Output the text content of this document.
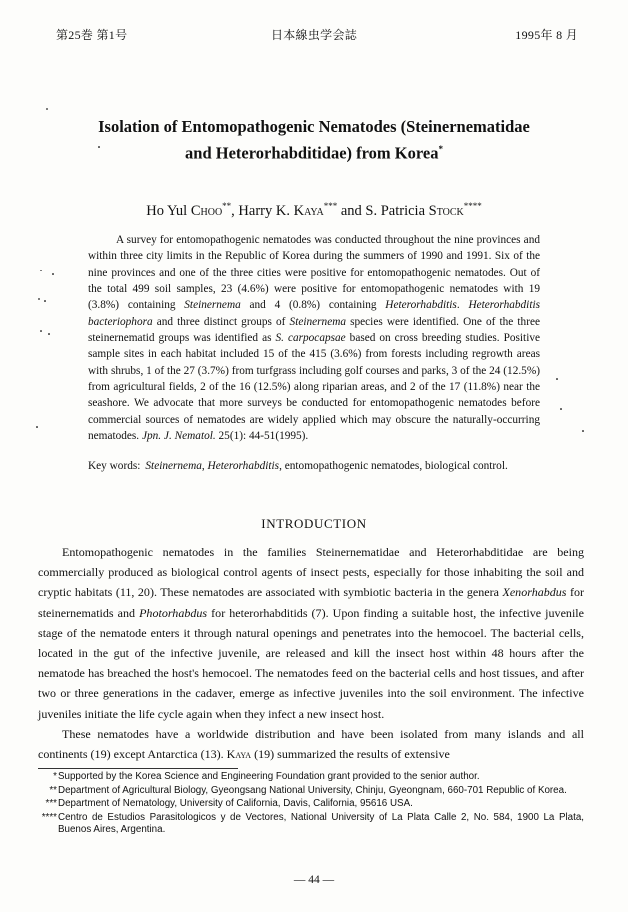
第25巻 第1号	日本線虫学会誌	1995年 8 月
Isolation of Entomopathogenic Nematodes (Steinernematidae
and Heterorhabditidae) from Korea*
Ho Yul Choo**, Harry K. Kaya*** and S. Patricia Stock****

A survey for entomopathogenic nematodes was conducted throughout the nine provinces and within three city limits in the Republic of Korea during the summers of 1990 and 1991. Six of the nine provinces and one of the three cities were positive for entomopathogenic nematodes. Out of the total 499 soil samples, 23 (4.6%) were positive for entomopathogenic nematodes with 19 (3.8%) containing Steinernema and 4 (0.8%) containing Heterorhabditis. Heterorhabditis bacteriophora and three distinct groups of Steinernema species were identified. One of the three steinernematid groups was identified as S. carpocapsae based on cross breeding studies. Positive sample sites in each habitat included 15 of the 415 (3.6%) from forests including regrowth areas with shrubs, 1 of the 27 (3.7%) from turfgrass including golf courses and parks, 3 of the 24 (12.5%) from agricultural fields, 2 of the 16 (12.5%) along riparian areas, and 2 of the 17 (11.8%) near the seashore. We advocate that more surveys be conducted for entomopathogenic nematodes before commercial sources of nematodes are widely applied which may obscure the naturally-occurring nematodes. Jpn. J. Nematol. 25(1): 44-51(1995).

Key words: Steinernema, Heterorhabditis, entomopathogenic nematodes, biological control.
INTRODUCTION

Entomopathogenic nematodes in the families Steinernematidae and Heterorhabditidae are being commercially produced as biological control agents of insect pests, especially for those inhabiting the soil and cryptic habitats (11, 20). These nematodes are associated with symbiotic bacteria in the genera Xenorhabdus for steinernematids and Photorhabdus for heterorhabditids (7). Upon finding a suitable host, the infective juvenile stage of the nematode enters it through natural openings and penetrates into the hemocoel. The bacterial cells, located in the gut of the infective juvenile, are released and kill the insect host within 48 hours after the nematode has breached the host's hemocoel. The nematodes feed on the bacterial cells and host tissues, and after two or three generations in the cadaver, emerge as infective juveniles into the soil environment. The infective juveniles initiate the life cycle again when they infect a new insect host.

These nematodes have a worldwide distribution and have been isolated from many islands and all continents (19) except Antarctica (13). Kaya (19) summarized the results of extensive

*Supported by the Korea Science and Engineering Foundation grant provided to the senior author.

**Department of Agricultural Biology, Gyeongsang National University, Chinju, Gyeongnam, 660-701 Republic of Korea.

***Department of Nematology, University of California, Davis, California, 95616 USA.

****Centro de Estudios Parasitologicos y de Vectores, National University of La Plata Calle 2, No. 584, 1900 La Plata, Buenos Aires, Argentina.

— 44 —
